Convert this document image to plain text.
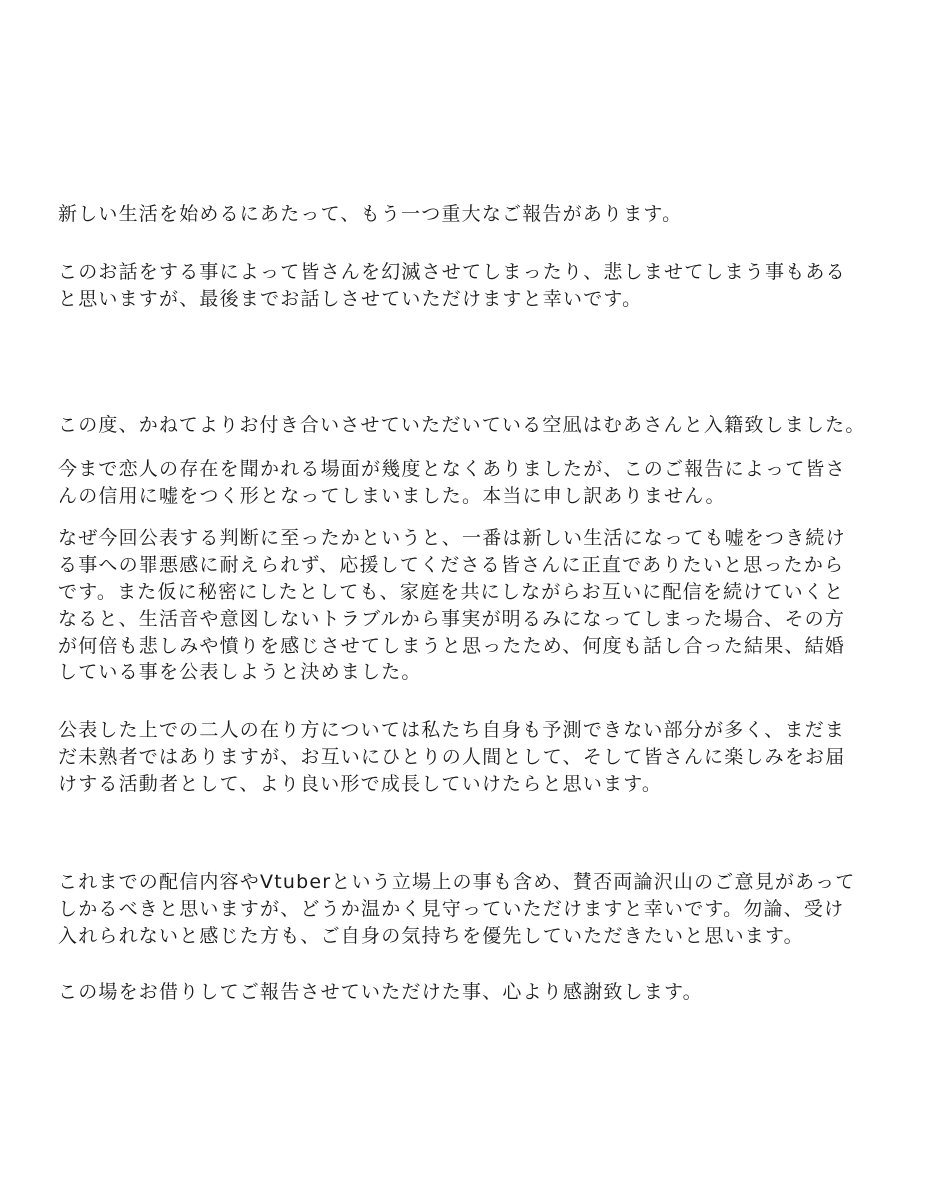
新しい生活を始めるにあたって、もう一つ重大なご報告があります。
このお話をする事によって皆さんを幻滅させてしまったり、悲しませてしまう事もある
と思いますが、最後までお話しさせていただけますと幸いです。
この度、かねてよりお付き合いさせていただいている空凪はむあさんと入籍致しました。
今まで恋人の存在を聞かれる場面が幾度となくありましたが、このご報告によって皆さ
んの信用に嘘をつく形となってしまいました。本当に申し訳ありません。
なぜ今回公表する判断に至ったかというと、一番は新しい生活になっても嘘をつき続け
る事への罪悪感に耐えられず、応援してくださる皆さんに正直でありたいと思ったから
です。また仮に秘密にしたとしても、家庭を共にしながらお互いに配信を続けていくと
なると、生活音や意図しないトラブルから事実が明るみになってしまった場合、その方
が何倍も悲しみや憤りを感じさせてしまうと思ったため、何度も話し合った結果、結婚
している事を公表しようと決めました。
公表した上での二人の在り方については私たち自身も予測できない部分が多く、まだま
だ未熟者ではありますが、お互いにひとりの人間として、そして皆さんに楽しみをお届
けする活動者として、より良い形で成長していけたらと思います。
これまでの配信内容やVtuberという立場上の事も含め、賛否両論沢山のご意見があって
しかるべきと思いますが、どうか温かく見守っていただけますと幸いです。勿論、受け
入れられないと感じた方も、ご自身の気持ちを優先していただきたいと思います。
この場をお借りしてご報告させていただけた事、心より感謝致します。
